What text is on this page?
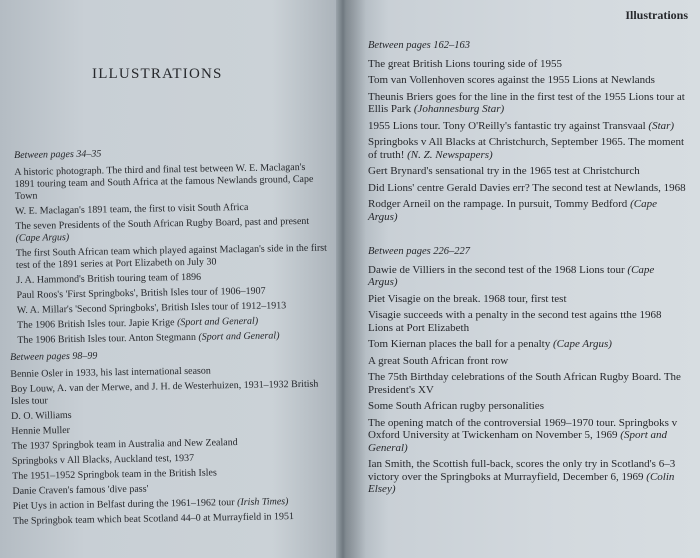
ILLUSTRATIONS
Between pages 34–35
A historic photograph. The third and final test between W. E. Maclagan's 1891 touring team and South Africa at the famous Newlands ground, Cape Town
W. E. Maclagan's 1891 team, the first to visit South Africa
The seven Presidents of the South African Rugby Board, past and present (Cape Argus)
The first South African team which played against Maclagan's side in the first test of the 1891 series at Port Elizabeth on July 30
J. A. Hammond's British touring team of 1896
Paul Roos's 'First Springboks', British Isles tour of 1906–1907
W. A. Millar's 'Second Springboks', British Isles tour of 1912–1913
The 1906 British Isles tour. Japie Krige (Sport and General)
The 1906 British Isles tour. Anton Stegmann (Sport and General)
Between pages 98–99
Bennie Osler in 1933, his last international season
Boy Louw, A. van der Merwe, and J. H. de Westerhuizen, 1931–1932 British Isles tour
D. O. Williams
Hennie Muller
The 1937 Springbok team in Australia and New Zealand
Springboks v All Blacks, Auckland test, 1937
The 1951–1952 Springbok team in the British Isles
Danie Craven's famous 'dive pass'
Piet Uys in action in Belfast during the 1961–1962 tour (Irish Times)
The Springbok team which beat Scotland 44–0 at Murrayfield in 1951
Illustrations
Between pages 162–163
The great British Lions touring side of 1955
Tom van Vollenhoven scores against the 1955 Lions at Newlands
Theunis Briers goes for the line in the first test of the 1955 Lions tour at Ellis Park (Johannesburg Star)
1955 Lions tour. Tony O'Reilly's fantastic try against Transvaal (Star)
Springboks v All Blacks at Christchurch, September 1965. The moment of truth! (N. Z. Newspapers)
Gert Brynard's sensational try in the 1965 test at Christchurch
Did Lions' centre Gerald Davies err? The second test at Newlands, 1968
Rodger Arneil on the rampage. In pursuit, Tommy Bedford (Cape Argus)
Between pages 226–227
Dawie de Villiers in the second test of the 1968 Lions tour (Cape Argus)
Piet Visagie on the break. 1968 tour, first test
Visagie succeeds with a penalty in the second test agains tthe 1968 Lions at Port Elizabeth
Tom Kiernan places the ball for a penalty (Cape Argus)
A great South African front row
The 75th Birthday celebrations of the South African Rugby Board. The President's XV
Some South African rugby personalities
The opening match of the controversial 1969–1970 tour. Springboks v Oxford University at Twickenham on November 5, 1969 (Sport and General)
Ian Smith, the Scottish full-back, scores the only try in Scotland's 6–3 victory over the Springboks at Murrayfield, December 6, 1969 (Colin Elsey)
